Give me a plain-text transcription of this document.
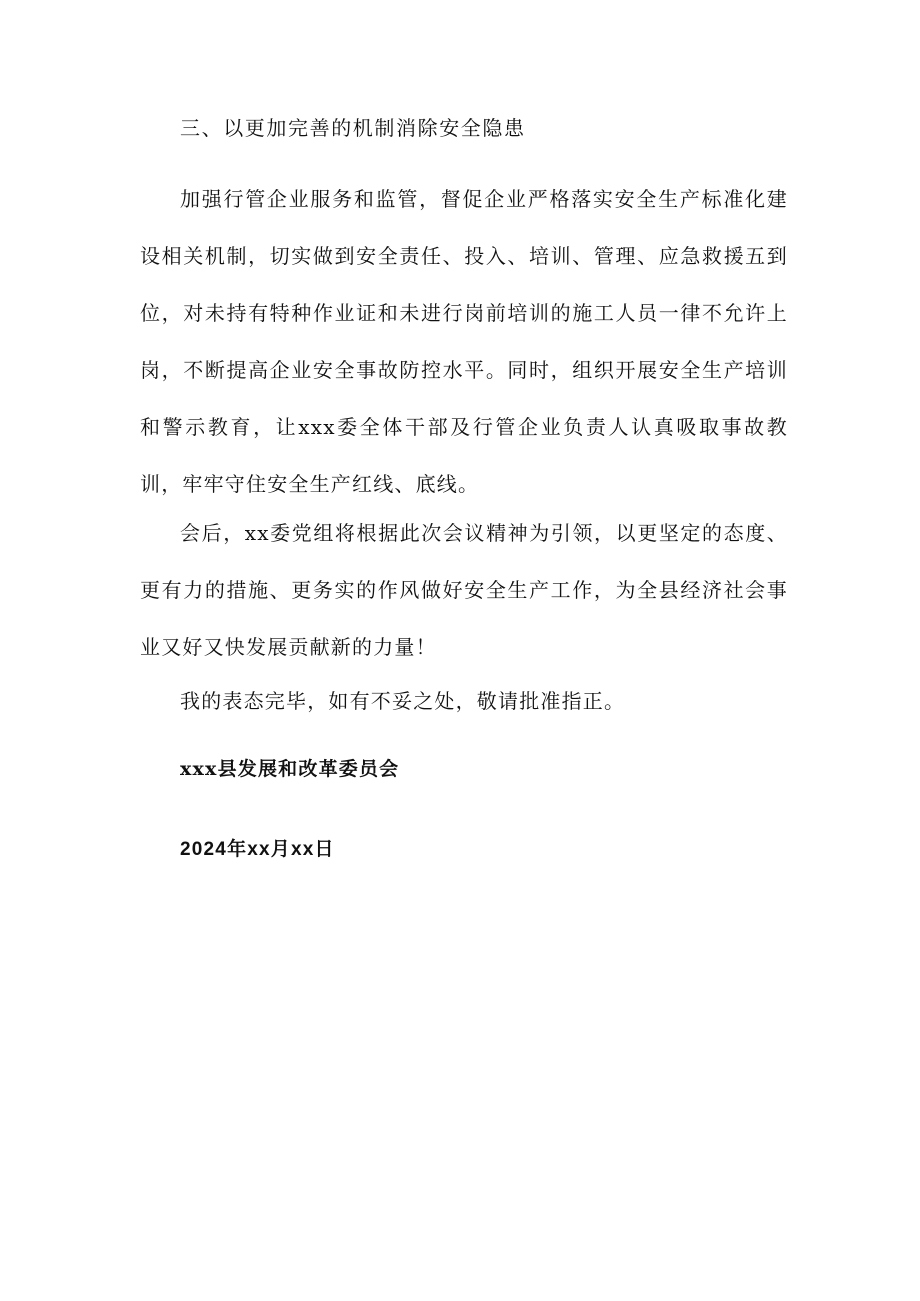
三、以更加完善的机制消除安全隐患
加强行管企业服务和监管，督促企业严格落实安全生产标准化建设相关机制，切实做到安全责任、投入、培训、管理、应急救援五到位，对未持有特种作业证和未进行岗前培训的施工人员一律不允许上岗，不断提高企业安全事故防控水平。同时，组织开展安全生产培训和警示教育，让xxx委全体干部及行管企业负责人认真吸取事故教训，牢牢守住安全生产红线、底线。
会后，xx委党组将根据此次会议精神为引领，以更坚定的态度、更有力的措施、更务实的作风做好安全生产工作，为全县经济社会事业又好又快发展贡献新的力量！
我的表态完毕，如有不妥之处，敬请批准指正。
xxx县发展和改革委员会
2024年xx月xx日
